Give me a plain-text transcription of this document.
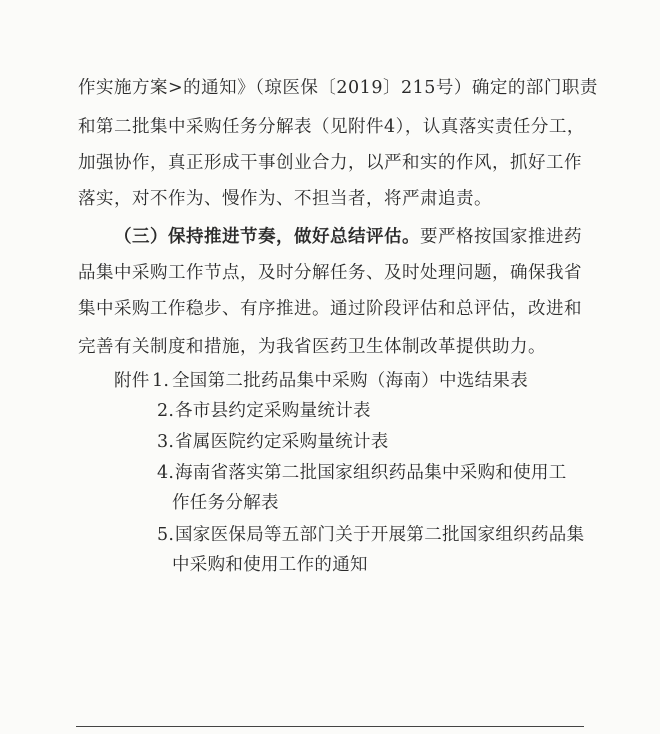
作实施方案>的通知》（琼医保〔2019〕215号）确定的部门职责
和第二批集中采购任务分解表（见附件4），认真落实责任分工，
加强协作，真正形成干事创业合力，以严和实的作风，抓好工作
落实，对不作为、慢作为、不担当者，将严肃追责。
（三）保持推进节奏，做好总结评估。要严格按国家推进药
品集中采购工作节点，及时分解任务、及时处理问题，确保我省
集中采购工作稳步、有序推进。通过阶段评估和总评估，改进和
完善有关制度和措施，为我省医药卫生体制改革提供助力。
附件 1. 全国第二批药品集中采购（海南）中选结果表
2. 各市县约定采购量统计表
3. 省属医院约定采购量统计表
4. 海南省落实第二批国家组织药品集中采购和使用工
作任务分解表
5. 国家医保局等五部门关于开展第二批国家组织药品集
中采购和使用工作的通知
